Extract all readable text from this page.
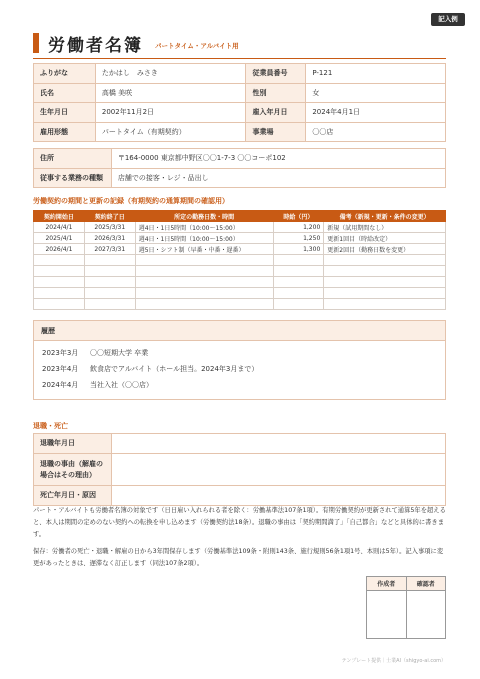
記入例
労働者名簿 パートタイム・アルバイト用
ふりがな	たかはし　みさき	従業員番号	P-121
氏名	高橋 美咲	性別	女
生年月日	2002年11月2日	雇入年月日	2024年4月1日
雇用形態	パートタイム（有期契約）	事業場	〇〇店
住所	〒164-0000 東京都中野区〇〇1-7-3 〇〇コーポ102
従事する業務の種類	店舗での接客・レジ・品出し
労働契約の期間と更新の記録（有期契約の通算期間の確認用）
契約開始日	契約終了日	所定の勤務日数・時間	時給（円）	備考（新規・更新・条件の変更）
2024/4/1	2025/3/31	週4日・1日5時間（10:00〜15:00）	1,200	新規（試用期間なし）
2025/4/1	2026/3/31	週4日・1日5時間（10:00〜15:00）	1,250	更新1回目（時給改定）
2026/4/1	2027/3/31	週5日・シフト制（早番・中番・遅番）	1,300	更新2回目（勤務日数を変更）

履歴
2023年3月 〇〇短期大学 卒業
2023年4月 飲食店でアルバイト（ホール担当。2024年3月まで）
2024年4月 当社入社（〇〇店）
退職・死亡
退職年月日	
退職の事由（解雇の場合はその理由）	
死亡年月日・原因	
パート・アルバイトも労働者名簿の対象です（日日雇い入れられる者を除く：労働基準法107条1項）。有期労働契約が更新されて通算5年を超えると、本人は期間の定めのない契約への転換を申し込めます（労働契約法18条）。退職の事由は「契約期間満了」「自己都合」などと具体的に書きます。
保存：労働者の死亡・退職・解雇の日から3年間保存します（労働基準法109条・附則143条、施行規則56条1項1号、本則は5年）。記入事項に変更があったときは、遅滞なく訂正します（同法107条2項）。
作成者	確認者

テンプレート提供｜士業AI（shigyo-ai.com）
